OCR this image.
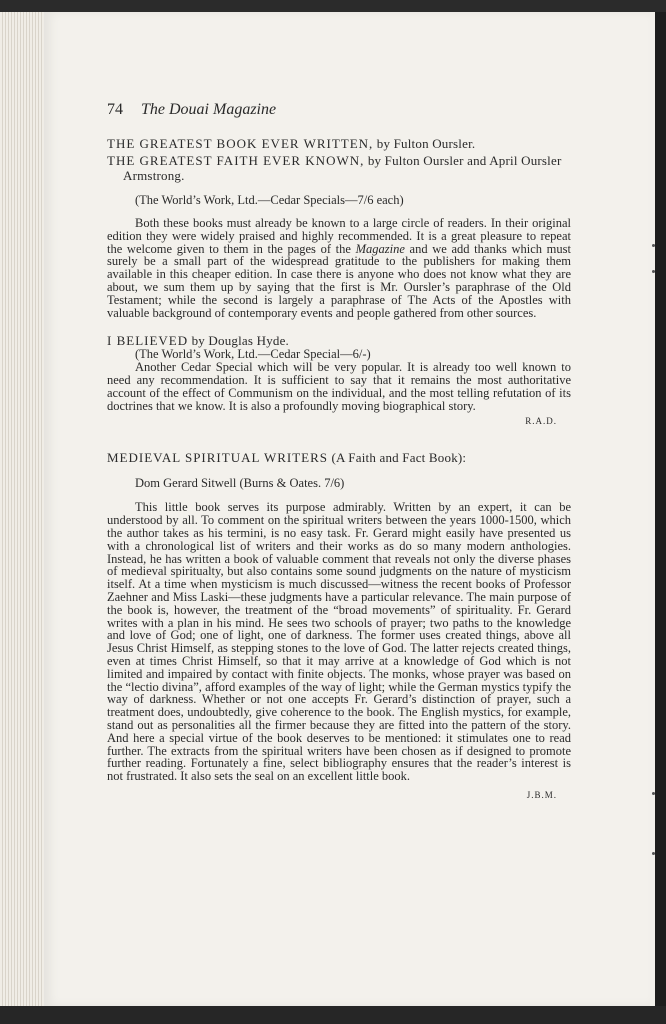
74 The Douai Magazine

THE GREATEST BOOK EVER WRITTEN, by Fulton Oursler.

THE GREATEST FAITH EVER KNOWN, by Fulton Oursler and April Oursler Armstrong.

(The World’s Work, Ltd.—Cedar Specials—7/6 each)

Both these books must already be known to a large circle of readers. In their original edition they were widely praised and highly recommended. It is a great pleasure to repeat the welcome given to them in the pages of the Magazine and we add thanks which must surely be a small part of the widespread gratitude to the publishers for making them available in this cheaper edition. In case there is anyone who does not know what they are about, we sum them up by saying that the first is Mr. Oursler’s paraphrase of the Old Testament; while the second is largely a paraphrase of The Acts of the Apostles with valuable background of contemporary events and people gathered from other sources.

I BELIEVED by Douglas Hyde.

(The World’s Work, Ltd.—Cedar Special—6/-)

Another Cedar Special which will be very popular. It is already too well known to need any recommendation. It is sufficient to say that it remains the most authoritative account of the effect of Communism on the individual, and the most telling refutation of its doctrines that we know. It is also a profoundly moving biographical story.

R.A.D.

MEDIEVAL SPIRITUAL WRITERS (A Faith and Fact Book):

Dom Gerard Sitwell (Burns & Oates. 7/6)

This little book serves its purpose admirably. Written by an expert, it can be understood by all. To comment on the spiritual writers between the years 1000-1500, which the author takes as his termini, is no easy task. Fr. Gerard might easily have presented us with a chronological list of writers and their works as do so many modern anthologies. Instead, he has written a book of valuable comment that reveals not only the diverse phases of medieval spiritualty, but also contains some sound judgments on the nature of mysticism itself. At a time when mysticism is much discussed—witness the recent books of Professor Zaehner and Miss Laski—these judgments have a particular relevance. The main purpose of the book is, however, the treatment of the “broad movements” of spirituality. Fr. Gerard writes with a plan in his mind. He sees two schools of prayer; two paths to the knowledge and love of God; one of light, one of darkness. The former uses created things, above all Jesus Christ Himself, as stepping stones to the love of God. The latter rejects created things, even at times Christ Himself, so that it may arrive at a knowledge of God which is not limited and impaired by contact with finite objects. The monks, whose prayer was based on the “lectio divina”, afford examples of the way of light; while the German mystics typify the way of darkness. Whether or not one accepts Fr. Gerard’s distinction of prayer, such a treatment does, undoubtedly, give coherence to the book. The English mystics, for example, stand out as personalities all the firmer because they are fitted into the pattern of the story. And here a special virtue of the book deserves to be mentioned: it stimulates one to read further. The extracts from the spiritual writers have been chosen as if designed to promote further reading. Fortunately a fine, select bibliography ensures that the reader’s interest is not frustrated. It also sets the seal on an excellent little book.

J.B.M.
